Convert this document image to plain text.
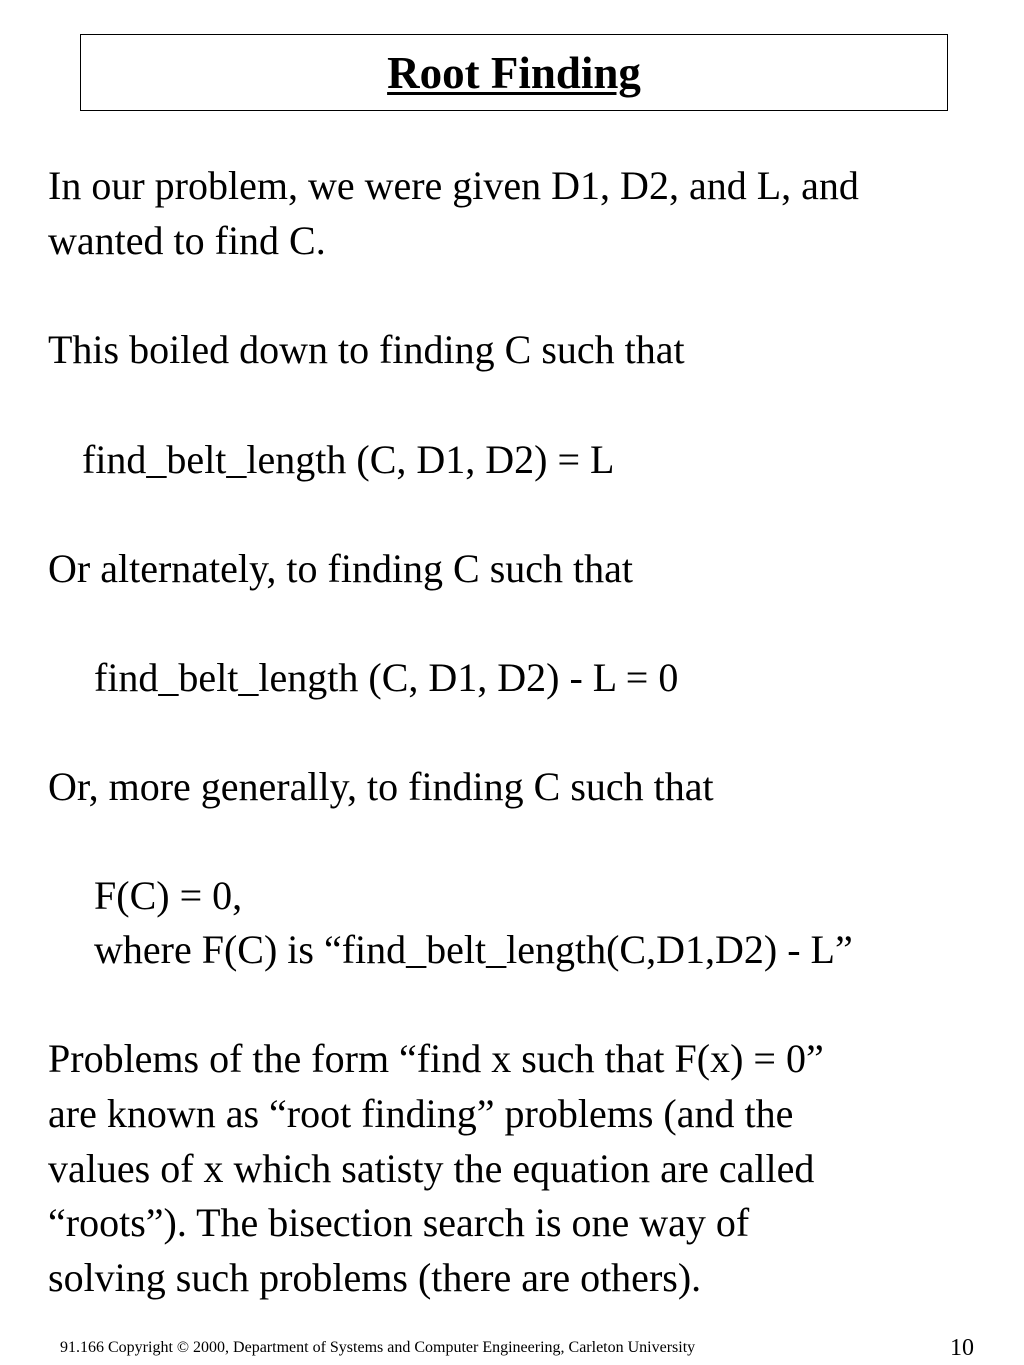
Root Finding
In our problem, we were given D1, D2, and L, and
wanted to find C.
This boiled down to finding C such that
find_belt_length (C, D1, D2) = L
Or alternately, to finding C such that
find_belt_length (C, D1, D2) - L = 0
Or, more generally, to finding C such that
F(C) = 0,
where F(C) is “find_belt_length(C,D1,D2) - L”
Problems of the form “find x such that F(x) = 0”
are known as “root finding” problems (and the
values of x which satisty the equation are called
“roots”). The bisection search is one way of
solving such problems (there are others).
91.166 Copyright © 2000, Department of Systems and Computer Engineering, Carleton University	10
